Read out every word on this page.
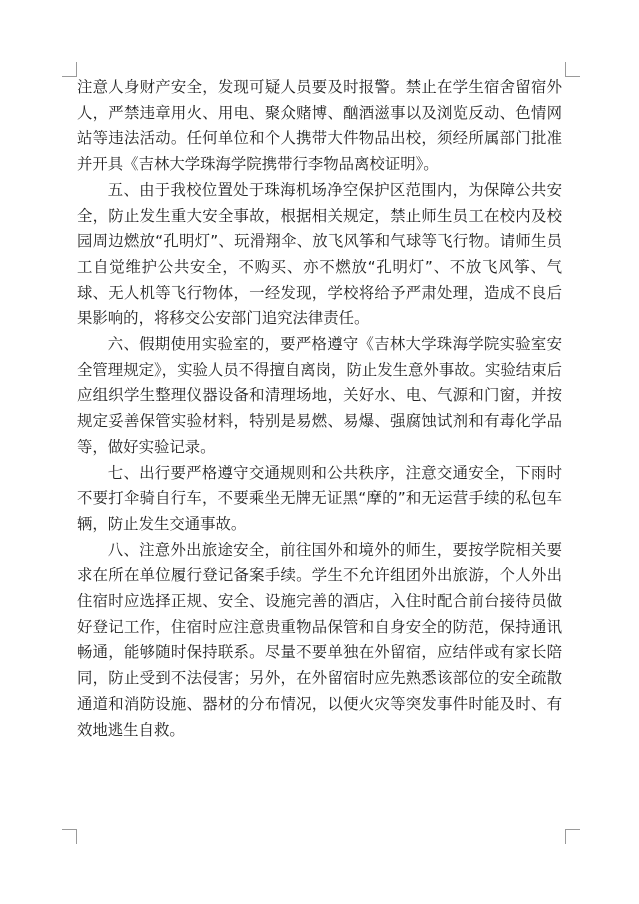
注意人身财产安全，发现可疑人员要及时报警。禁止在学生宿舍留宿外人，严禁违章用火、用电、聚众赌博、酗酒滋事以及浏览反动、色情网站等违法活动。任何单位和个人携带大件物品出校，须经所属部门批准并开具《吉林大学珠海学院携带行李物品离校证明》。

五、由于我校位置处于珠海机场净空保护区范围内，为保障公共安全，防止发生重大安全事故，根据相关规定，禁止师生员工在校内及校园周边燃放“孔明灯”、玩滑翔伞、放飞风筝和气球等飞行物。请师生员工自觉维护公共安全，不购买、亦不燃放“孔明灯”、不放飞风筝、气球、无人机等飞行物体，一经发现，学校将给予严肃处理，造成不良后果影响的，将移交公安部门追究法律责任。

六、假期使用实验室的，要严格遵守《吉林大学珠海学院实验室安全管理规定》，实验人员不得擅自离岗，防止发生意外事故。实验结束后应组织学生整理仪器设备和清理场地，关好水、电、气源和门窗，并按规定妥善保管实验材料，特别是易燃、易爆、强腐蚀试剂和有毒化学品等，做好实验记录。

七、出行要严格遵守交通规则和公共秩序，注意交通安全，下雨时不要打伞骑自行车，不要乘坐无牌无证黑“摩的”和无运营手续的私包车辆，防止发生交通事故。

八、注意外出旅途安全，前往国外和境外的师生，要按学院相关要求在所在单位履行登记备案手续。学生不允许组团外出旅游，个人外出住宿时应选择正规、安全、设施完善的酒店，入住时配合前台接待员做好登记工作，住宿时应注意贵重物品保管和自身安全的防范，保持通讯畅通，能够随时保持联系。尽量不要单独在外留宿，应结伴或有家长陪同，防止受到不法侵害；另外，在外留宿时应先熟悉该部位的安全疏散通道和消防设施、器材的分布情况，以便火灾等突发事件时能及时、有效地逃生自救。
